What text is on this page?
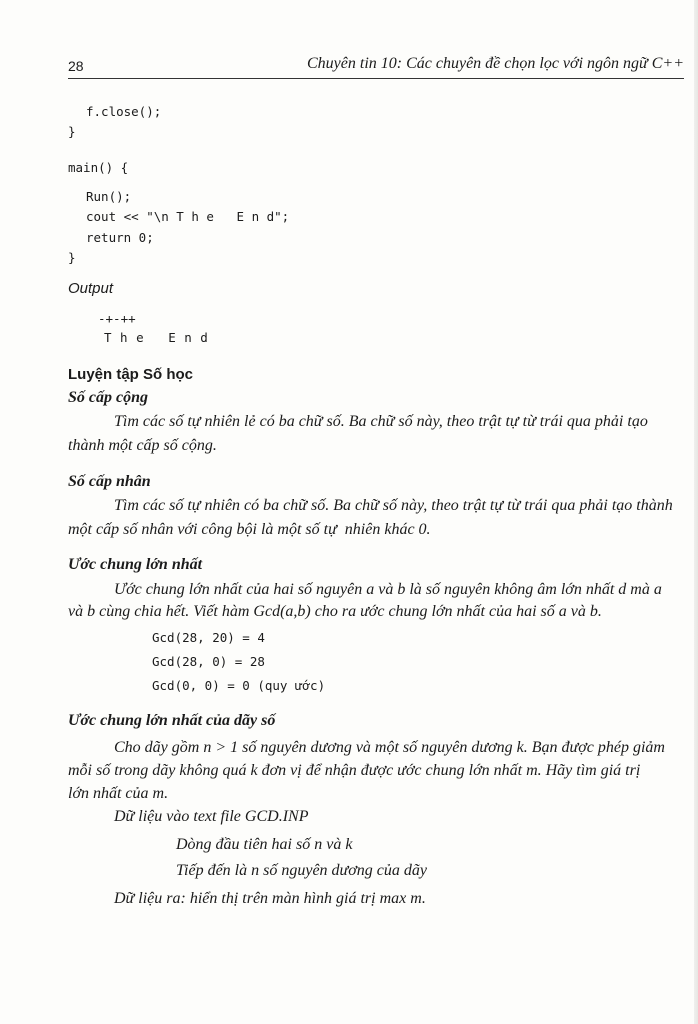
28	Chuyên tin 10: Các chuyên đề chọn lọc với ngôn ngữ C++
f.close();
}
main() {
Run();
cout << "\n T h e   E n d";
return 0;
}
Output
-+-++
T h e   E n d
Luyện tập Số học
Số cấp cộng
Tìm các số tự nhiên lẻ có ba chữ số. Ba chữ số này, theo trật tự từ trái qua phải tạo
thành một cấp số cộng.
Số cấp nhân
Tìm các số tự nhiên có ba chữ số. Ba chữ số này, theo trật tự từ trái qua phải tạo thành
một cấp số nhân với công bội là một số tự  nhiên khác 0.
Ước chung lớn nhất
Ước chung lớn nhất của hai số nguyên a và b là số nguyên không âm lớn nhất d mà a
và b cùng chia hết. Viết hàm Gcd(a,b) cho ra ước chung lớn nhất của hai số a và b.
Gcd(28, 20) = 4
Gcd(28, 0) = 28
Gcd(0, 0) = 0 (quy ước)
Ước chung lớn nhất của dãy số
Cho dãy gồm n > 1 số nguyên dương và một số nguyên dương k. Bạn được phép giảm
mỗi số trong dãy không quá k đơn vị để nhận được ước chung lớn nhất m. Hãy tìm giá trị
lớn nhất của m.
Dữ liệu vào text file GCD.INP
Dòng đầu tiên hai số n và k
Tiếp đến là n số nguyên dương của dãy
Dữ liệu ra: hiển thị trên màn hình giá trị max m.
